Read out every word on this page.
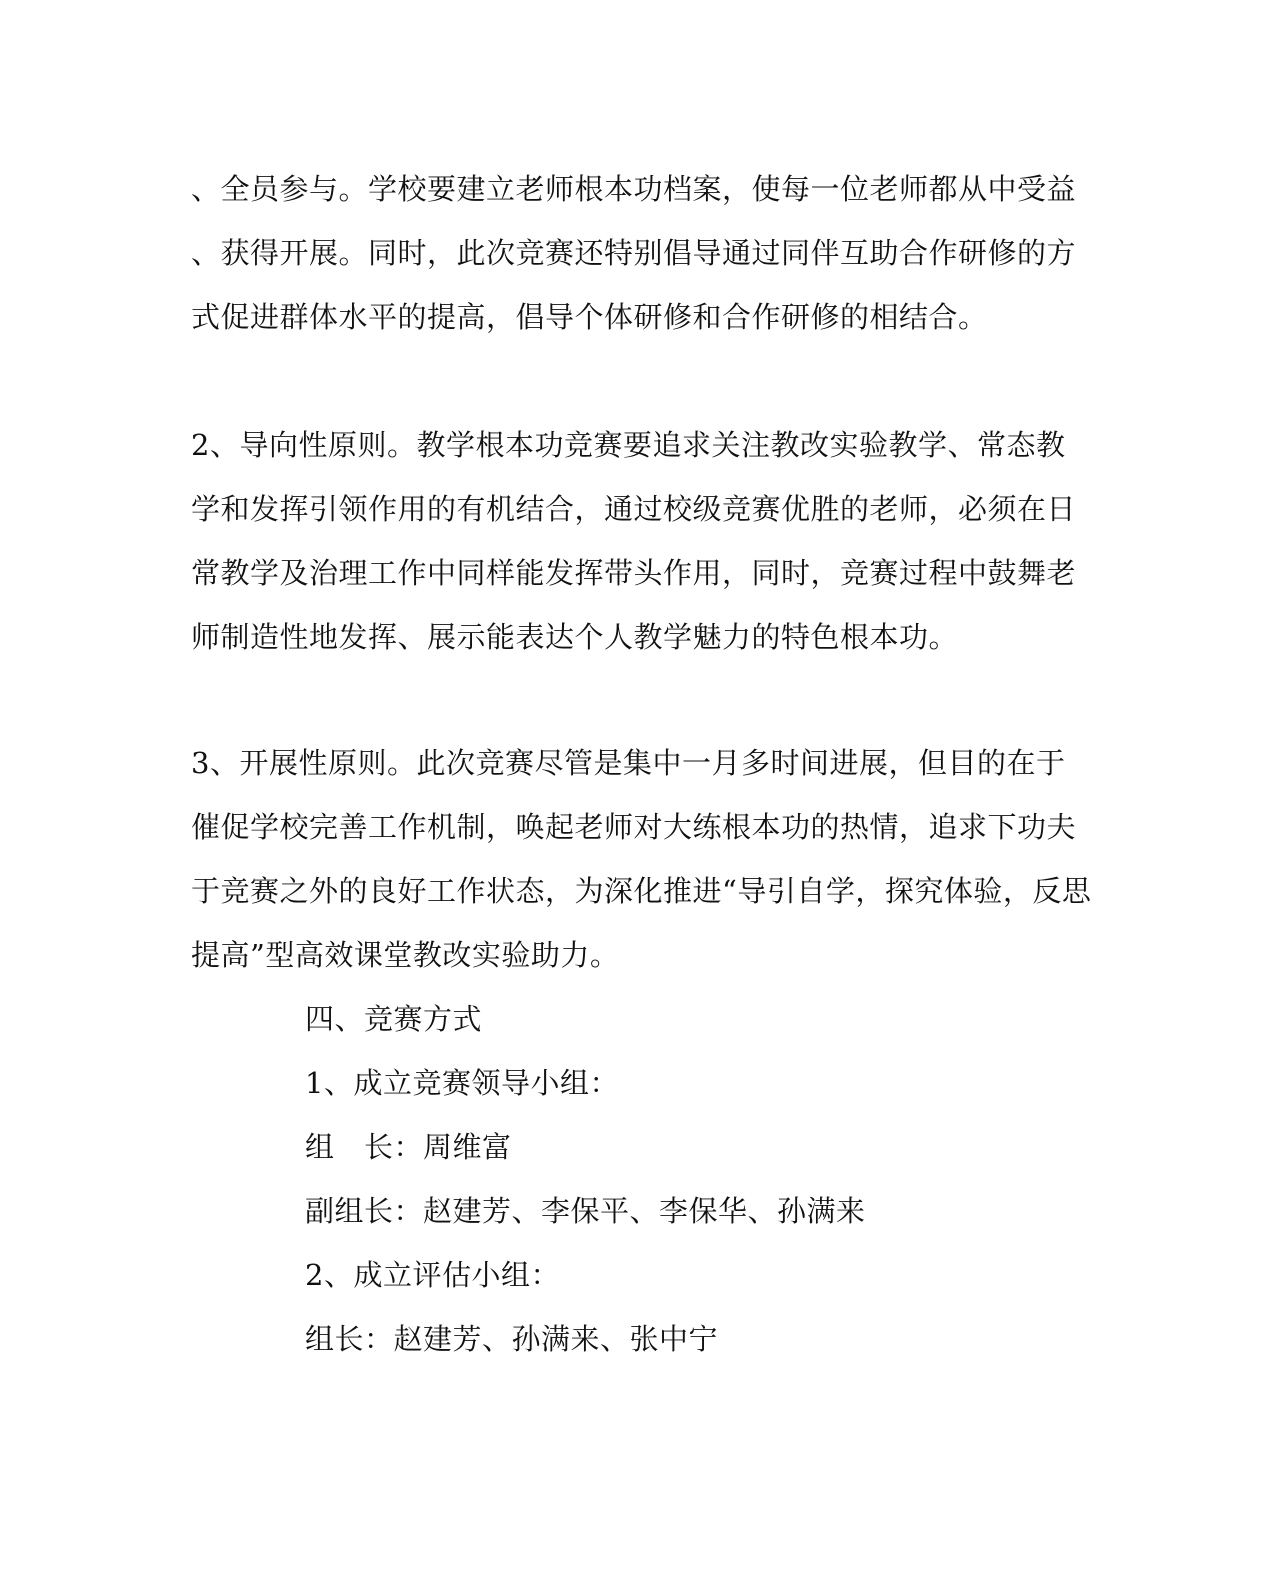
、全员参与。学校要建立老师根本功档案，使每一位老师都从中受益
、获得开展。同时，此次竞赛还特别倡导通过同伴互助合作研修的方
式促进群体水平的提高，倡导个体研修和合作研修的相结合。
2、导向性原则。教学根本功竞赛要追求关注教改实验教学、常态教
学和发挥引领作用的有机结合，通过校级竞赛优胜的老师，必须在日
常教学及治理工作中同样能发挥带头作用，同时，竞赛过程中鼓舞老
师制造性地发挥、展示能表达个人教学魅力的特色根本功。
3、开展性原则。此次竞赛尽管是集中一月多时间进展，但目的在于
催促学校完善工作机制，唤起老师对大练根本功的热情，追求下功夫
于竞赛之外的良好工作状态，为深化推进“导引自学，探究体验，反思
提高”型高效课堂教改实验助力。
四、竞赛方式
1、成立竞赛领导小组：
组　长：周维富
副组长：赵建芳、李保平、李保华、孙满来
2、成立评估小组：
组长：赵建芳、孙满来、张中宁
